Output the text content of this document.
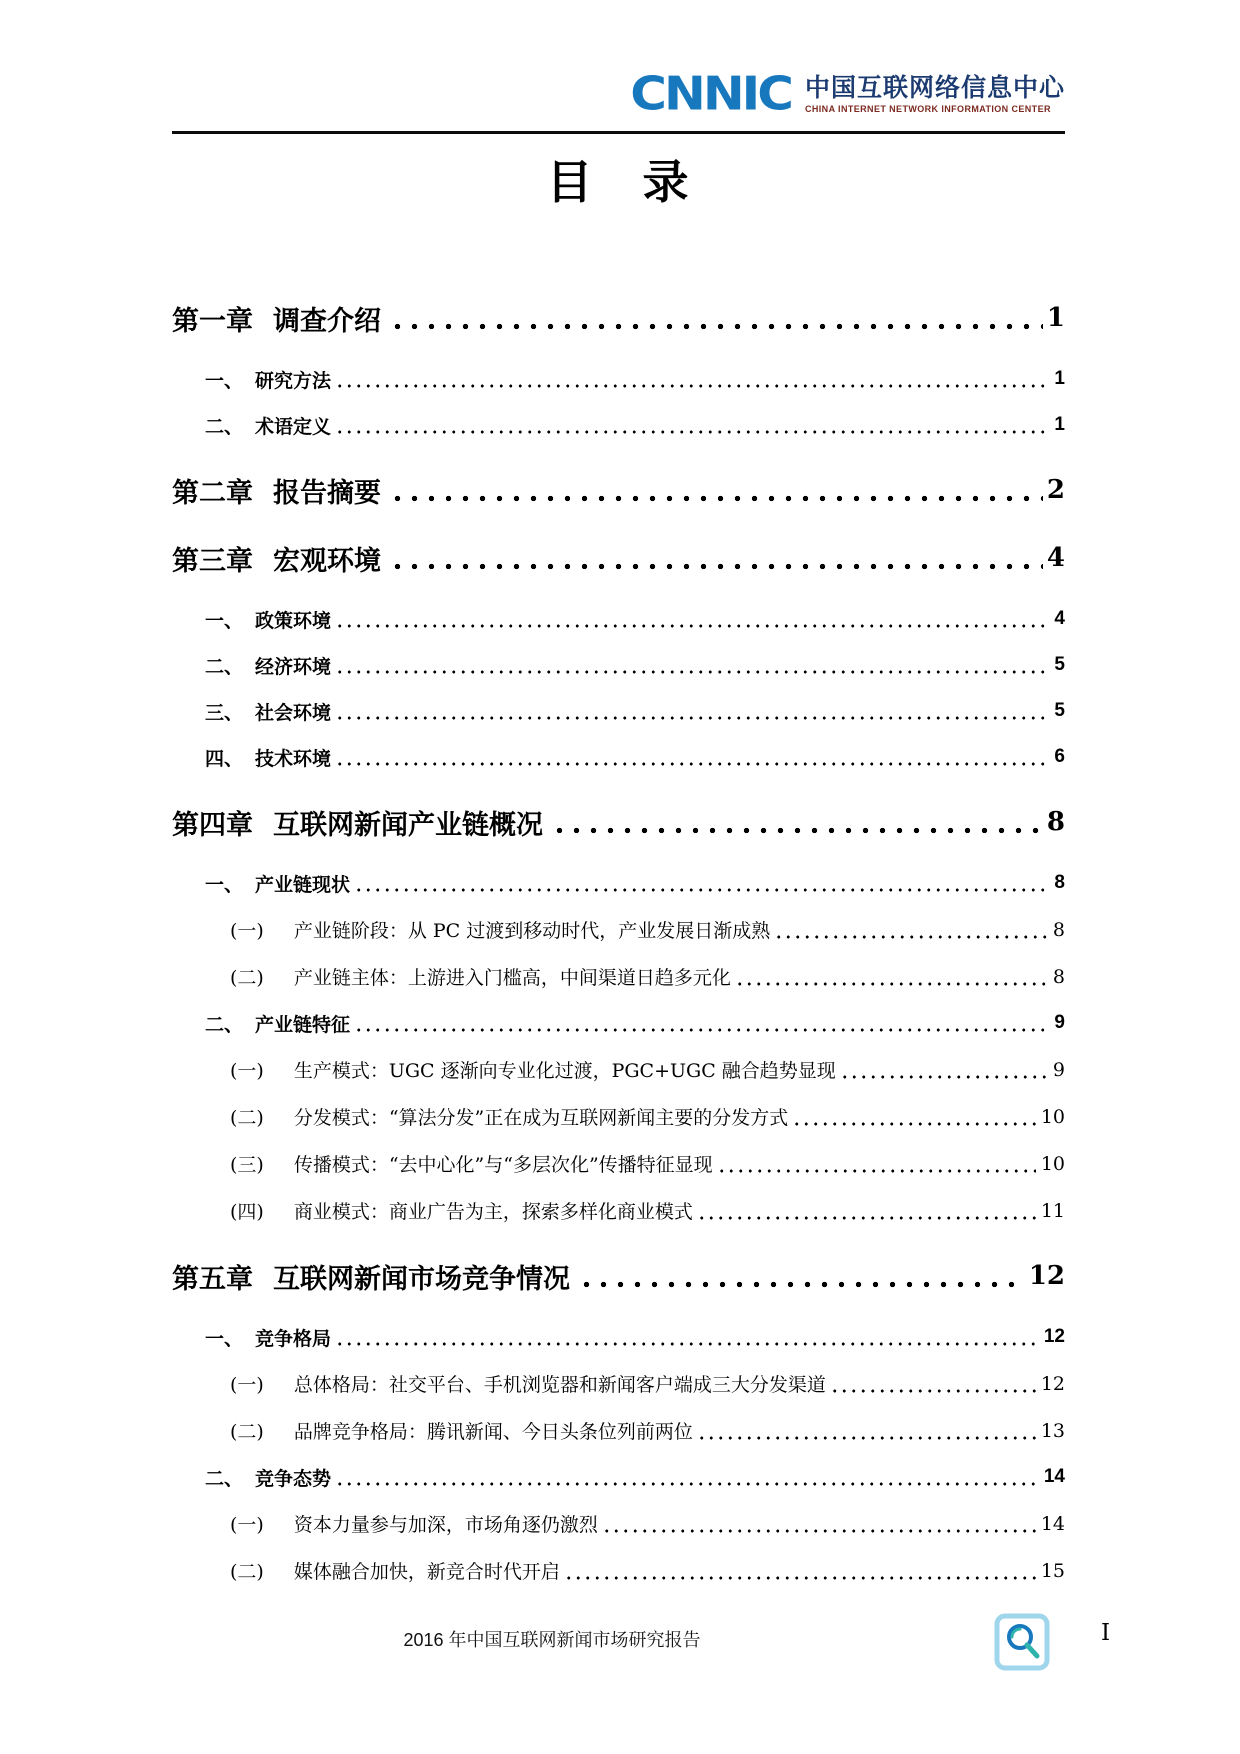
CNNIC 中国互联网络信息中心
CHINA INTERNET NETWORK INFORMATION CENTER
目　录
第一章 调查介绍	1
一、 研究方法	1
二、 术语定义	1
第二章 报告摘要	2
第三章 宏观环境	4
一、 政策环境	4
二、 经济环境	5
三、 社会环境	5
四、 技术环境	6
第四章 互联网新闻产业链概况	8
一、 产业链现状	8
(一) 产业链阶段：从 PC 过渡到移动时代，产业发展日渐成熟	8
(二) 产业链主体：上游进入门槛高，中间渠道日趋多元化	8
二、 产业链特征	9
(一) 生产模式：UGC 逐渐向专业化过渡，PGC+UGC 融合趋势显现	9
(二) 分发模式：“算法分发”正在成为互联网新闻主要的分发方式	10
(三) 传播模式：“去中心化”与“多层次化”传播特征显现	10
(四) 商业模式：商业广告为主，探索多样化商业模式	11
第五章 互联网新闻市场竞争情况	12
一、 竞争格局	12
(一) 总体格局：社交平台、手机浏览器和新闻客户端成三大分发渠道	12
(二) 品牌竞争格局：腾讯新闻、今日头条位列前两位	13
二、 竞争态势	14
(一) 资本力量参与加深，市场角逐仍激烈	14
(二) 媒体融合加快，新竞合时代开启	15
2016 年中国互联网新闻市场研究报告	I
